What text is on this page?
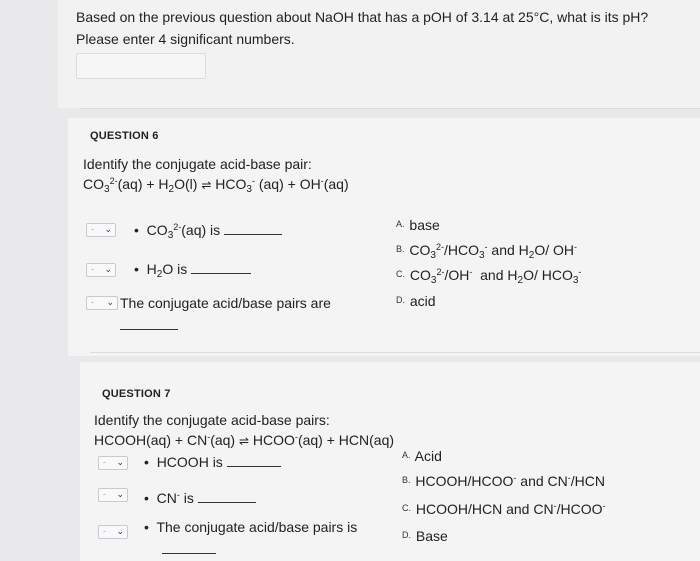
Based on the previous question about NaOH that has a pOH of 3.14 at 25°C, what is its pH?
Please enter 4 significant numbers.
QUESTION 6
Identify the conjugate acid-base pair:
$CO_3^{2-}(aq) + H_2O(l)$ ⇌ $HCO_3^-$ (aq) + OH-(aq)
- ⌄ •  $CO_3^{2-}(aq)$ is
- ⌄ •  $H_2O$ is
- ⌄ The conjugate acid/base pairs are
$^{A.}$ base
$^{B.}$ $CO_3^{2-}/HCO_3^-$ and $H_2O/$ OH-
$^{C.}$ $CO_3^{2-}/OH^-$  and $H_2O/$ $HCO_3^-$
$^{D.}$ acid
QUESTION 7
Identify the conjugate acid-base pairs:
HCOOH(aq) + CN-(aq) ⇌ HCOO-(aq) + HCN(aq)
- ⌄ • HCOOH is
- ⌄ •  CN- is
- ⌄ • The conjugate acid/base pairs is
$^{A.}$ Acid
$^{B.}$ HCOOH/HCOO- and CN-/HCN
$^{C.}$ HCOOH/HCN and CN-/HCOO-
$^{D.}$ Base
